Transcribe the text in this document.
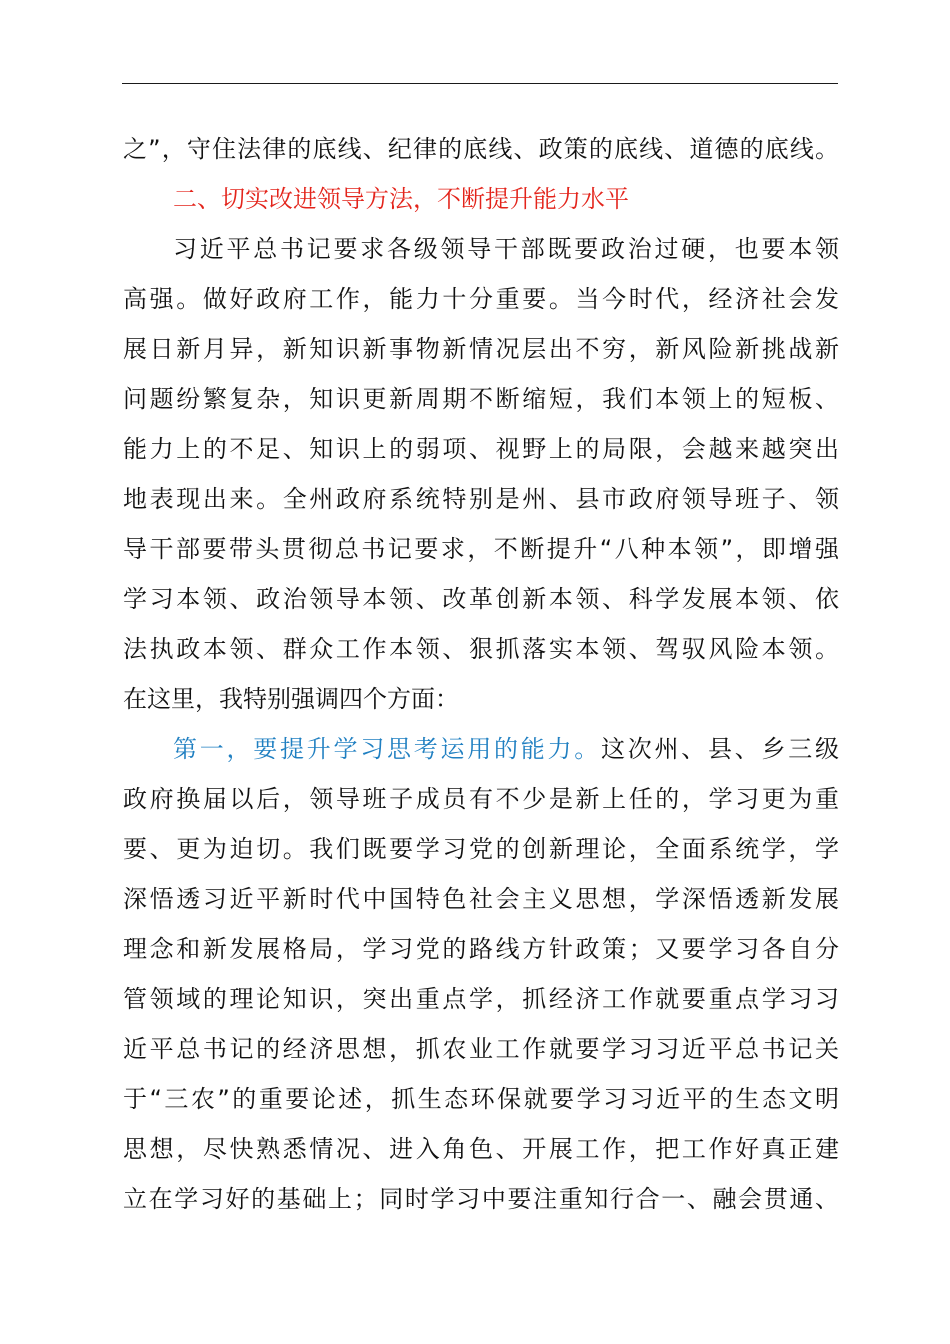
之”，守住法律的底线、纪律的底线、政策的底线、道德的底线。
二、切实改进领导方法，不断提升能力水平
习近平总书记要求各级领导干部既要政治过硬，也要本领
高强。做好政府工作，能力十分重要。当今时代，经济社会发
展日新月异，新知识新事物新情况层出不穷，新风险新挑战新
问题纷繁复杂，知识更新周期不断缩短，我们本领上的短板、
能力上的不足、知识上的弱项、视野上的局限，会越来越突出
地表现出来。全州政府系统特别是州、县市政府领导班子、领
导干部要带头贯彻总书记要求，不断提升“八种本领”，即增强
学习本领、政治领导本领、改革创新本领、科学发展本领、依
法执政本领、群众工作本领、狠抓落实本领、驾驭风险本领。
在这里，我特别强调四个方面：
第一，要提升学习思考运用的能力。这次州、县、乡三级
政府换届以后，领导班子成员有不少是新上任的，学习更为重
要、更为迫切。我们既要学习党的创新理论，全面系统学，学
深悟透习近平新时代中国特色社会主义思想，学深悟透新发展
理念和新发展格局，学习党的路线方针政策；又要学习各自分
管领域的理论知识，突出重点学，抓经济工作就要重点学习习
近平总书记的经济思想，抓农业工作就要学习习近平总书记关
于“三农”的重要论述，抓生态环保就要学习习近平的生态文明
思想，尽快熟悉情况、进入角色、开展工作，把工作好真正建
立在学习好的基础上；同时学习中要注重知行合一、融会贯通、
